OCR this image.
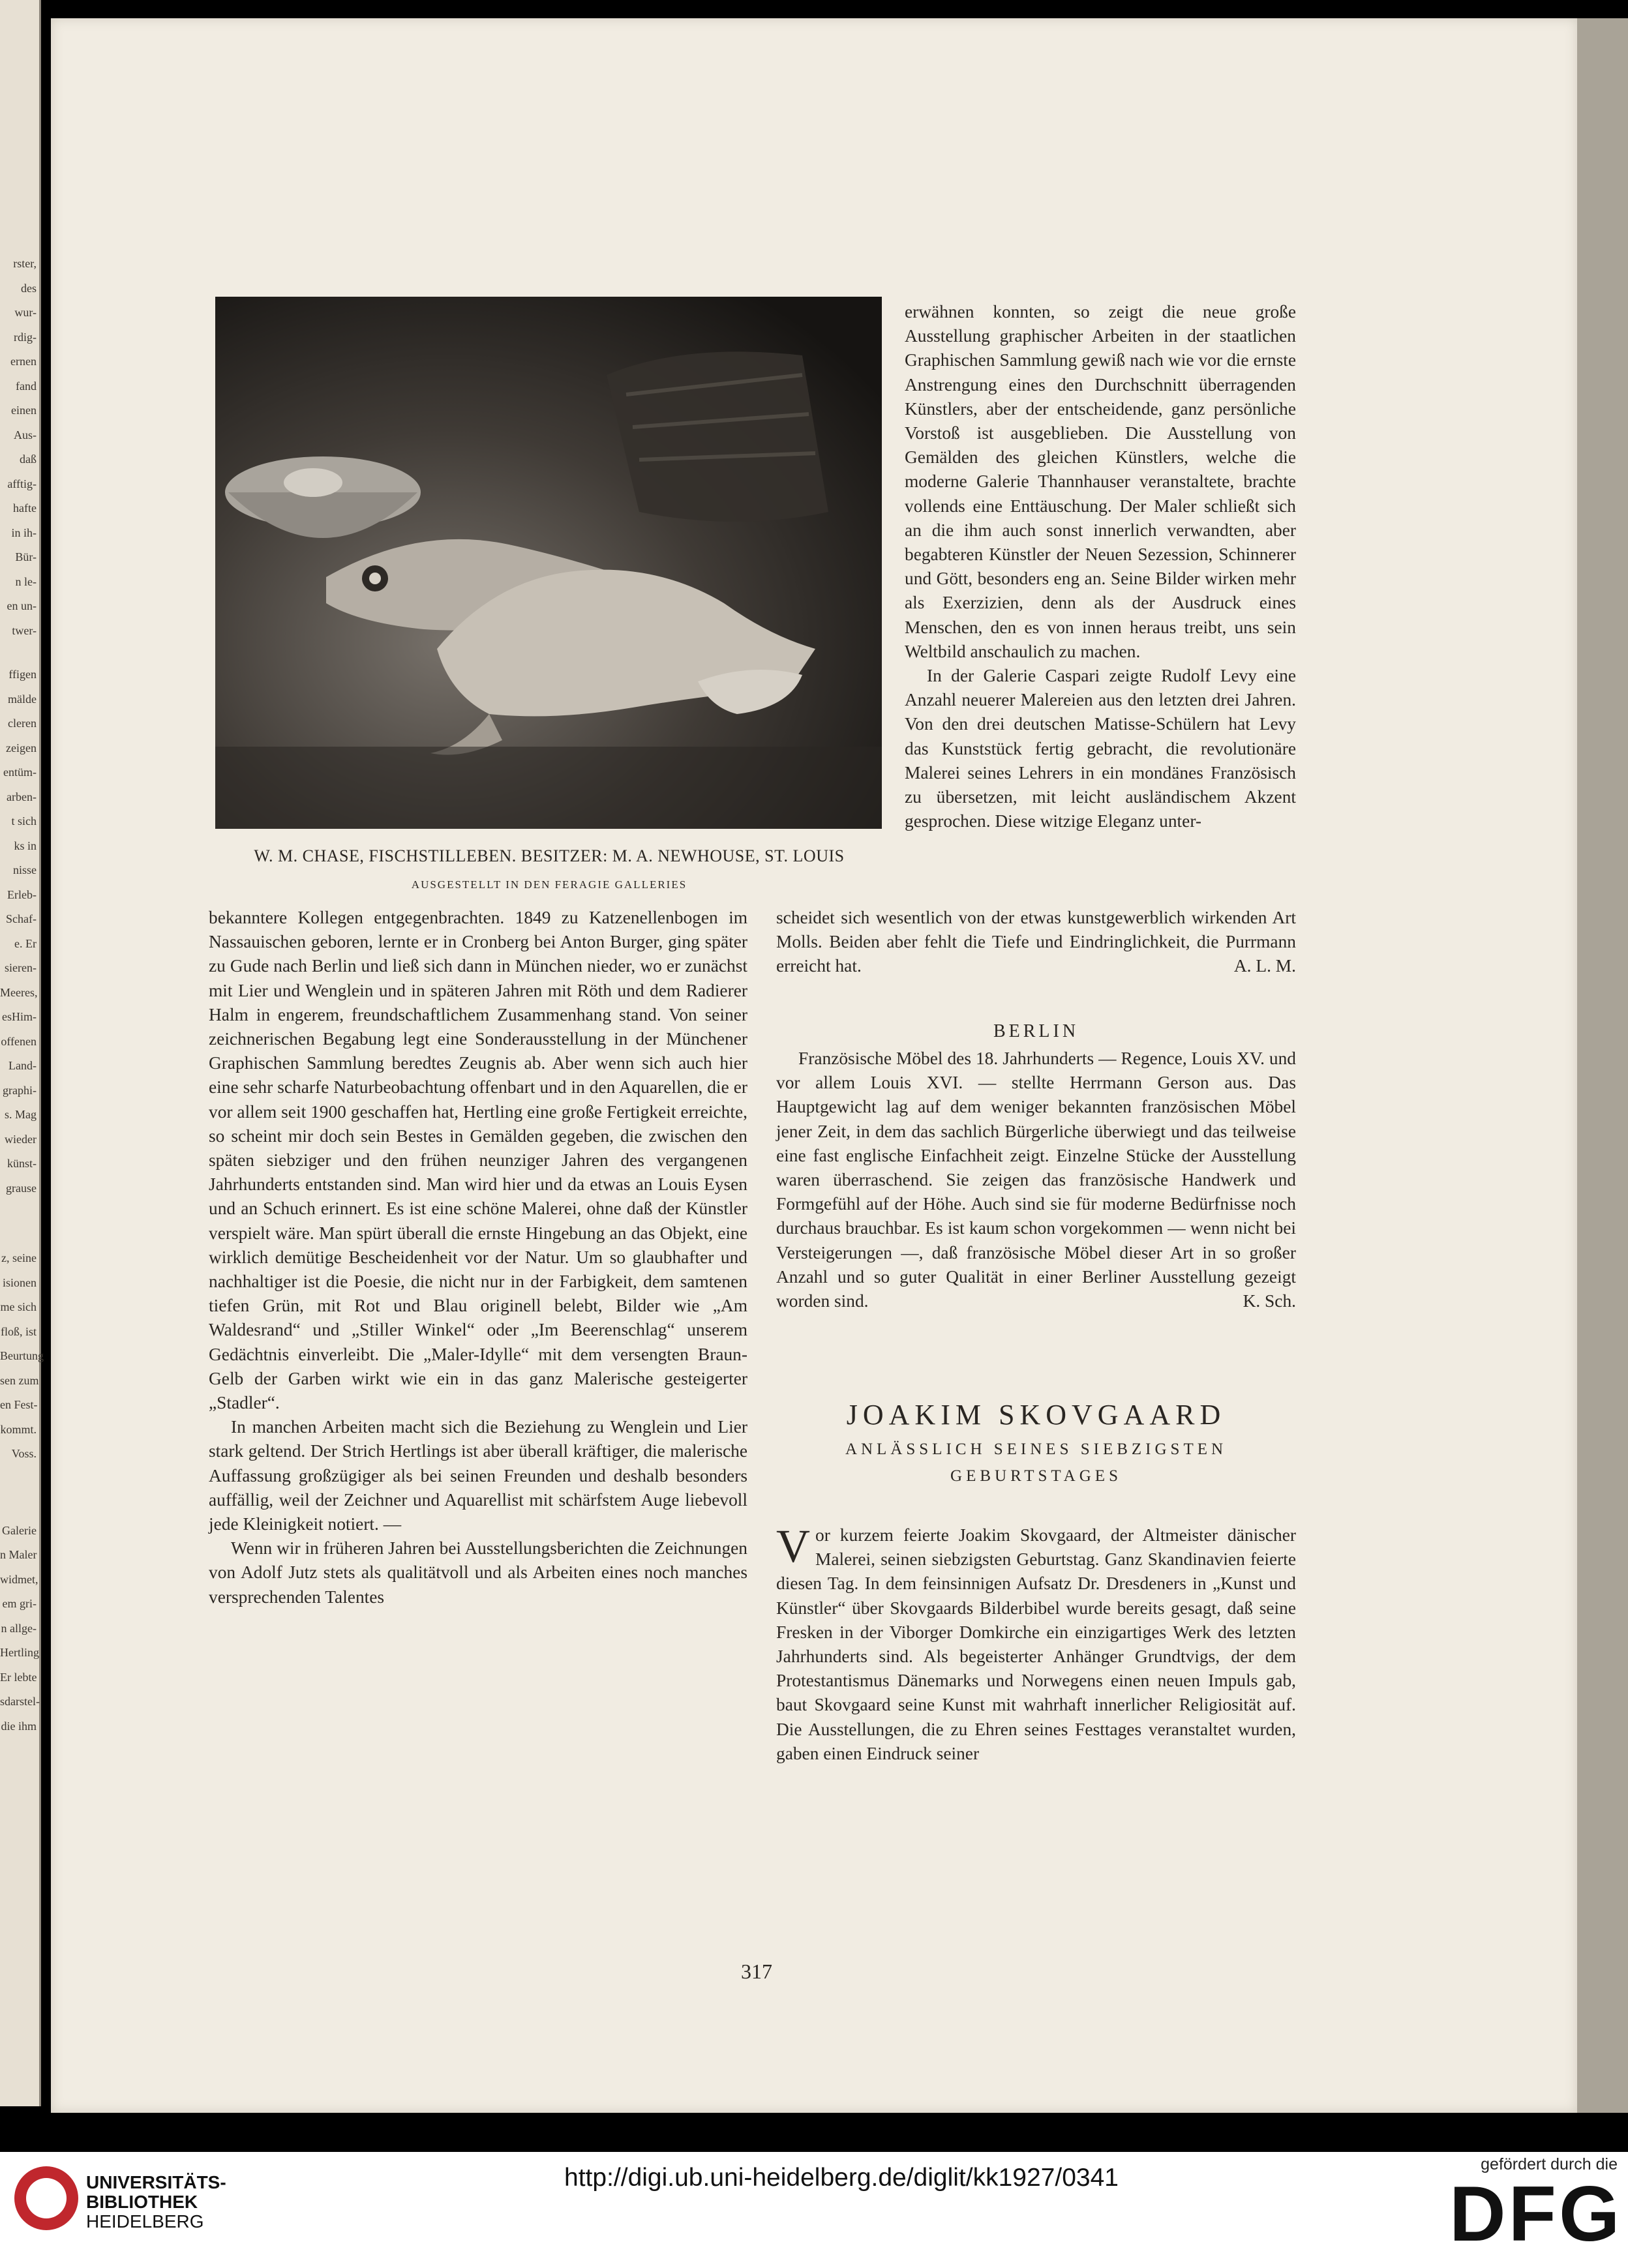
rster,
des
wur-
rdig-
ernen
fand
einen
Aus-
daß
afftig-
hafte
in ih-
Bür-
n le-
en un-
twer-
ffigen
mälde
cleren
zeigen
entüm-
arben-
t sich
ks in
nisse
Erleb-
Schaf-
e. Er
sieren-
Meeres,
esHim-
offenen
Land-
graphi-
s. Mag
wieder
künst-
grause
z, seine
isionen
me sich
floß, ist
Beurtung
sen zum
en Fest-
kommt.
Voss.
Galerie
n Maler
widmet,
em gri-
n allge-
Hertling
Er lebte
sdarstel-
die ihm
W. M. CHASE, FISCHSTILLEBEN. BESITZER: M. A. NEWHOUSE, ST. LOUIS
AUSGESTELLT IN DEN FERAGIE GALLERIES

erwähnen konnten, so zeigt die neue große Ausstellung graphischer Arbeiten in der staatlichen Graphischen Sammlung gewiß nach wie vor die ernste Anstrengung eines den Durchschnitt überragenden Künstlers, aber der entscheidende, ganz persönliche Vorstoß ist ausgeblieben. Die Ausstellung von Gemälden des gleichen Künstlers, welche die moderne Galerie Thannhauser veranstaltete, brachte vollends eine Enttäuschung. Der Maler schließt sich an die ihm auch sonst innerlich verwandten, aber begabteren Künstler der Neuen Sezession, Schinnerer und Gött, besonders eng an. Seine Bilder wirken mehr als Exerzizien, denn als der Ausdruck eines Menschen, den es von innen heraus treibt, uns sein Weltbild anschaulich zu machen.

In der Galerie Caspari zeigte Rudolf Levy eine Anzahl neuerer Malereien aus den letzten drei Jahren. Von den drei deutschen Matisse-Schülern hat Levy das Kunststück fertig gebracht, die revolutionäre Malerei seines Lehrers in ein mondänes Französisch zu übersetzen, mit leicht ausländischem Akzent gesprochen. Diese witzige Eleganz unter-

scheidet sich wesentlich von der etwas kunstgewerblich wirkenden Art Molls. Beiden aber fehlt die Tiefe und Eindringlichkeit, die Purrmann erreicht hat.	A. L. M.

bekanntere Kollegen entgegenbrachten. 1849 zu Katzenellenbogen im Nassauischen geboren, lernte er in Cronberg bei Anton Burger, ging später zu Gude nach Berlin und ließ sich dann in München nieder, wo er zunächst mit Lier und Wenglein und in späteren Jahren mit Röth und dem Radierer Halm in engerem, freundschaftlichem Zusammenhang stand. Von seiner zeichnerischen Begabung legt eine Sonderausstellung in der Münchener Graphischen Sammlung beredtes Zeugnis ab. Aber wenn sich auch hier eine sehr scharfe Naturbeobachtung offenbart und in den Aquarellen, die er vor allem seit 1900 geschaffen hat, Hertling eine große Fertigkeit erreichte, so scheint mir doch sein Bestes in Gemälden gegeben, die zwischen den späten siebziger und den frühen neunziger Jahren des vergangenen Jahrhunderts entstanden sind. Man wird hier und da etwas an Louis Eysen und an Schuch erinnert. Es ist eine schöne Malerei, ohne daß der Künstler verspielt wäre. Man spürt überall die ernste Hingebung an das Objekt, eine wirklich demütige Bescheidenheit vor der Natur. Um so glaubhafter und nachhaltiger ist die Poesie, die nicht nur in der Farbigkeit, dem samtenen tiefen Grün, mit Rot und Blau originell belebt, Bilder wie „Am Waldesrand“ und „Stiller Winkel“ oder „Im Beerenschlag“ unserem Gedächtnis einverleibt. Die „Maler-Idylle“ mit dem versengten Braun-Gelb der Garben wirkt wie ein in das ganz Malerische gesteigerter „Stadler“.

In manchen Arbeiten macht sich die Beziehung zu Wenglein und Lier stark geltend. Der Strich Hertlings ist aber überall kräftiger, die malerische Auffassung großzügiger als bei seinen Freunden und deshalb besonders auffällig, weil der Zeichner und Aquarellist mit schärfstem Auge liebevoll jede Kleinigkeit notiert. —

Wenn wir in früheren Jahren bei Ausstellungsberichten die Zeichnungen von Adolf Jutz stets als qualitätvoll und als Arbeiten eines noch manches versprechenden Talentes

BERLIN

Französische Möbel des 18. Jahrhunderts — Regence, Louis XV. und vor allem Louis XVI. — stellte Herrmann Gerson aus. Das Hauptgewicht lag auf dem weniger bekannten französischen Möbel jener Zeit, in dem das sachlich Bürgerliche überwiegt und das teilweise eine fast englische Einfachheit zeigt. Einzelne Stücke der Ausstellung waren überraschend. Sie zeigen das französische Handwerk und Formgefühl auf der Höhe. Auch sind sie für moderne Bedürfnisse noch durchaus brauchbar. Es ist kaum schon vorgekommen — wenn nicht bei Versteigerungen —, daß französische Möbel dieser Art in so großer Anzahl und so guter Qualität in einer Berliner Ausstellung gezeigt worden sind.	K. Sch.

JOAKIM SKOVGAARD
ANLÄSSLICH SEINES SIEBZIGSTEN
GEBURTSTAGES

Vor kurzem feierte Joakim Skovgaard, der Altmeister dänischer Malerei, seinen siebzigsten Geburtstag. Ganz Skandinavien feierte diesen Tag. In dem feinsinnigen Aufsatz Dr. Dresdeners in „Kunst und Künstler“ über Skovgaards Bilderbibel wurde bereits gesagt, daß seine Fresken in der Viborger Domkirche ein einzigartiges Werk des letzten Jahrhunderts sind. Als begeisterter Anhänger Grundtvigs, der dem Protestantismus Dänemarks und Norwegens einen neuen Impuls gab, baut Skovgaard seine Kunst mit wahrhaft innerlicher Religiosität auf. Die Ausstellungen, die zu Ehren seines Festtages veranstaltet wurden, gaben einen Eindruck seiner

317
UNIVERSITÄTS-
BIBLIOTHEK
HEIDELBERG
http://digi.ub.uni-heidelberg.de/diglit/kk1927/0341	gefördert durch die
DFG
